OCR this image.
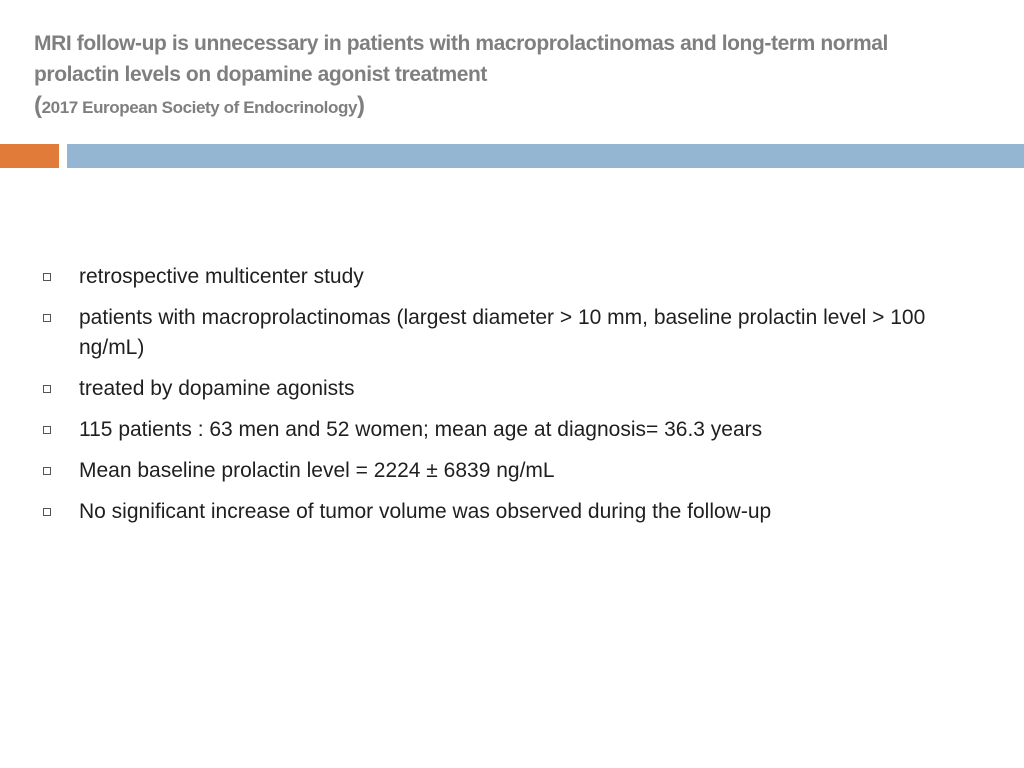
MRI follow-up is unnecessary in patients with macroprolactinomas and long-term normal
prolactin levels on dopamine agonist treatment
(2017 European Society of Endocrinology)
retrospective multicenter study
patients with macroprolactinomas (largest diameter > 10 mm, baseline prolactin level > 100 ng/mL)
treated by dopamine agonists
115 patients : 63 men and 52 women; mean age at diagnosis= 36.3 years
Mean baseline prolactin level = 2224 ± 6839 ng/mL
No significant increase of tumor volume was observed during the follow-up
